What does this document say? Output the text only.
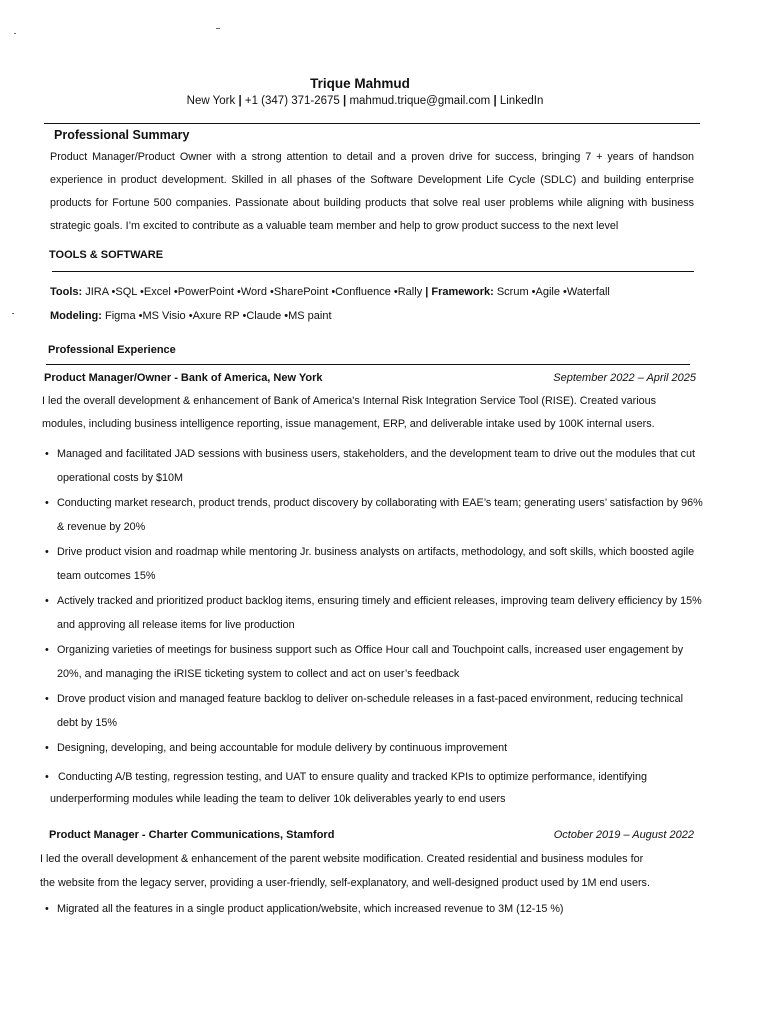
Trique Mahmud
New York | +1 (347) 371-2675 | mahmud.trique@gmail.com | LinkedIn
Professional Summary
Product Manager/Product Owner with a strong attention to detail and a proven drive for success, bringing 7 + years of handson experience in product development. Skilled in all phases of the Software Development Life Cycle (SDLC) and building enterprise products for Fortune 500 companies. Passionate about building products that solve real user problems while aligning with business strategic goals. I’m excited to contribute as a valuable team member and help to grow product success to the next level
TOOLS & SOFTWARE
Tools: JIRA •SQL •Excel •PowerPoint •Word •SharePoint •Confluence •Rally | Framework: Scrum •Agile •Waterfall
Modeling: Figma •MS Visio •Axure RP •Claude •MS paint
Professional Experience
Product Manager/Owner - Bank of America, New York	September 2022 – April 2025
I led the overall development & enhancement of Bank of America's Internal Risk Integration Service Tool (RISE). Created various modules, including business intelligence reporting, issue management, ERP, and deliverable intake used by 100K internal users.
• Managed and facilitated JAD sessions with business users, stakeholders, and the development team to drive out the modules that cut operational costs by $10M
• Conducting market research, product trends, product discovery by collaborating with EAE’s team; generating users’ satisfaction by 96% & revenue by 20%
• Drive product vision and roadmap while mentoring Jr. business analysts on artifacts, methodology, and soft skills, which boosted agile team outcomes 15%
• Actively tracked and prioritized product backlog items, ensuring timely and efficient releases, improving team delivery efficiency by 15% and approving all release items for live production
• Organizing varieties of meetings for business support such as Office Hour call and Touchpoint calls, increased user engagement by 20%, and managing the iRISE ticketing system to collect and act on user’s feedback
• Drove product vision and managed feature backlog to deliver on-schedule releases in a fast-paced environment, reducing technical debt by 15%
• Designing, developing, and being accountable for module delivery by continuous improvement
• Conducting A/B testing, regression testing, and UAT to ensure quality and tracked KPIs to optimize performance, identifying
underperforming modules while leading the team to deliver 10k deliverables yearly to end users
Product Manager - Charter Communications, Stamford	October 2019 – August 2022
I led the overall development & enhancement of the parent website modification. Created residential and business modules for
the website from the legacy server, providing a user-friendly, self-explanatory, and well-designed product used by 1M end users.
• Migrated all the features in a single product application/website, which increased revenue to 3M (12-15 %)
